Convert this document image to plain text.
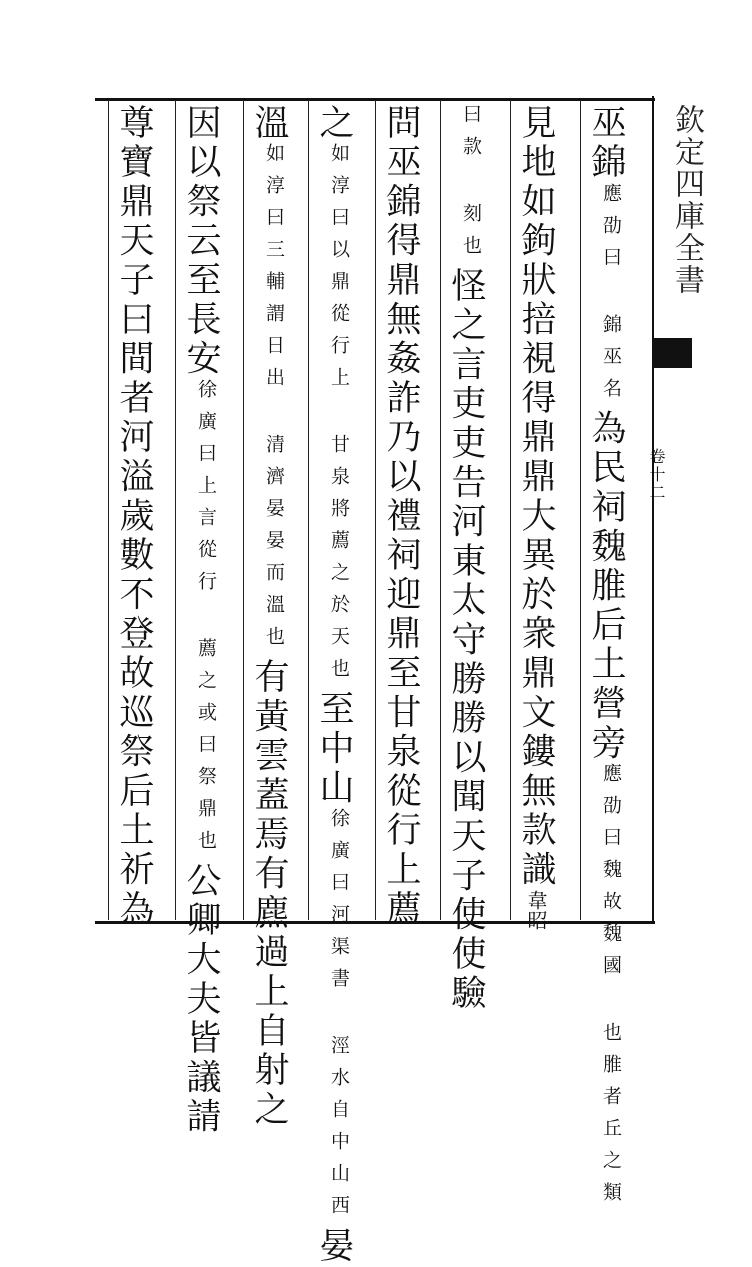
欽定四庫全書
卷十二
巫錦應劭曰 錦巫名為民祠魏脽后土營旁應劭曰魏故魏國 也脽者丘之類
見地如鉤狀掊視得鼎鼎大異於衆鼎文鏤無款識韋昭
曰款 刻也怪之言吏吏告河東太守勝勝以聞天子使使驗
問巫錦得鼎無姦詐乃以禮祠迎鼎至甘泉從行上薦
之如淳曰以鼎從行上 甘泉將薦之於天也至中山徐廣曰河渠書 涇水自中山西晏
溫如淳曰三輔謂日出 清濟晏晏而溫也有黃雲蓋焉有麃過上自射之
因以祭云至長安徐廣曰上言從行 薦之或曰祭鼎也公卿大夫皆議請
尊寶鼎天子曰間者河溢歲數不登故巡祭后土祈為
